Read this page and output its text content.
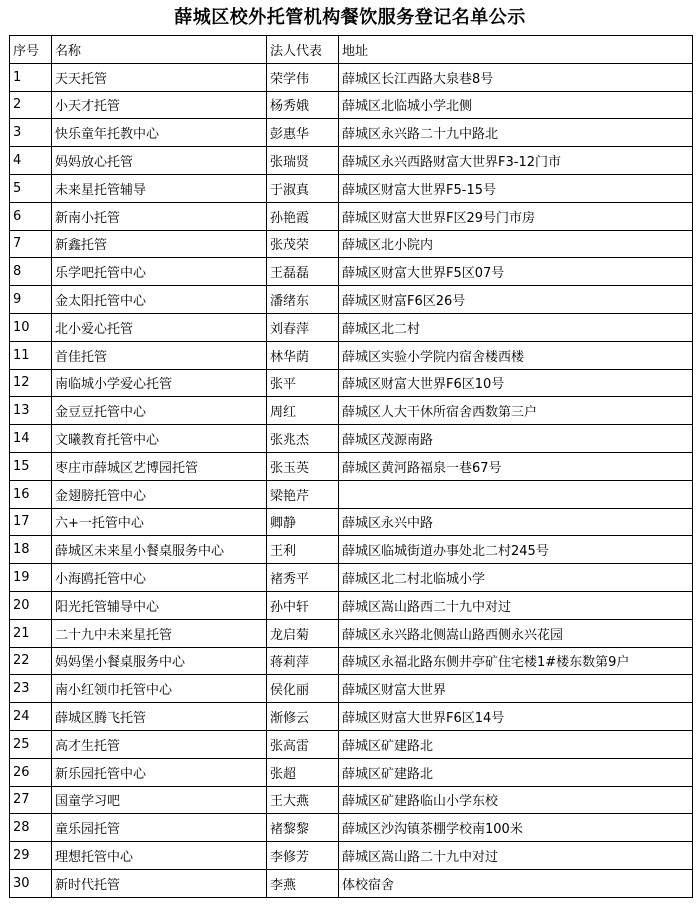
薛城区校外托管机构餐饮服务登记名单公示
序号	名称	法人代表	地址
1	天天托管	荣学伟	薛城区长江西路大泉巷8号
2	小天才托管	杨秀娥	薛城区北临城小学北侧
3	快乐童年托教中心	彭惠华	薛城区永兴路二十九中路北
4	妈妈放心托管	张瑞贤	薛城区永兴西路财富大世界F3-12门市
5	未来星托管辅导	于淑真	薛城区财富大世界F5-15号
6	新南小托管	孙艳霞	薛城区财富大世界F区29号门市房
7	新鑫托管	张茂荣	薛城区北小院内
8	乐学吧托管中心	王磊磊	薛城区财富大世界F5区07号
9	金太阳托管中心	潘绪东	薛城区财富F6区26号
10	北小爱心托管	刘春萍	薛城区北二村
11	首佳托管	林华荫	薛城区实验小学院内宿舍楼西楼
12	南临城小学爱心托管	张平	薛城区财富大世界F6区10号
13	金豆豆托管中心	周红	薛城区人大干休所宿舍西数第三户
14	文曦教育托管中心	张兆杰	薛城区茂源南路
15	枣庄市薛城区艺博园托管	张玉英	薛城区黄河路福泉一巷67号
16	金翅膀托管中心	梁艳芹	
17	六+一托管中心	卿静	薛城区永兴中路
18	薛城区未来星小餐桌服务中心	王利	薛城区临城街道办事处北二村245号
19	小海鸥托管中心	褚秀平	薛城区北二村北临城小学
20	阳光托管辅导中心	孙中轩	薛城区嵩山路西二十九中对过
21	二十九中未来星托管	龙启菊	薛城区永兴路北侧嵩山路西侧永兴花园
22	妈妈堡小餐桌服务中心	蒋莉萍	薛城区永福北路东侧井亭矿住宅楼1#楼东数第9户
23	南小红领巾托管中心	侯化丽	薛城区财富大世界
24	薛城区腾飞托管	渐修云	薛城区财富大世界F6区14号
25	高才生托管	张高雷	薛城区矿建路北
26	新乐园托管中心	张超	薛城区矿建路北
27	国童学习吧	王大燕	薛城区矿建路临山小学东校
28	童乐园托管	褚黎黎	薛城区沙沟镇茶棚学校南100米
29	理想托管中心	李修芳	薛城区嵩山路二十九中对过
30	新时代托管	李燕	体校宿舍
